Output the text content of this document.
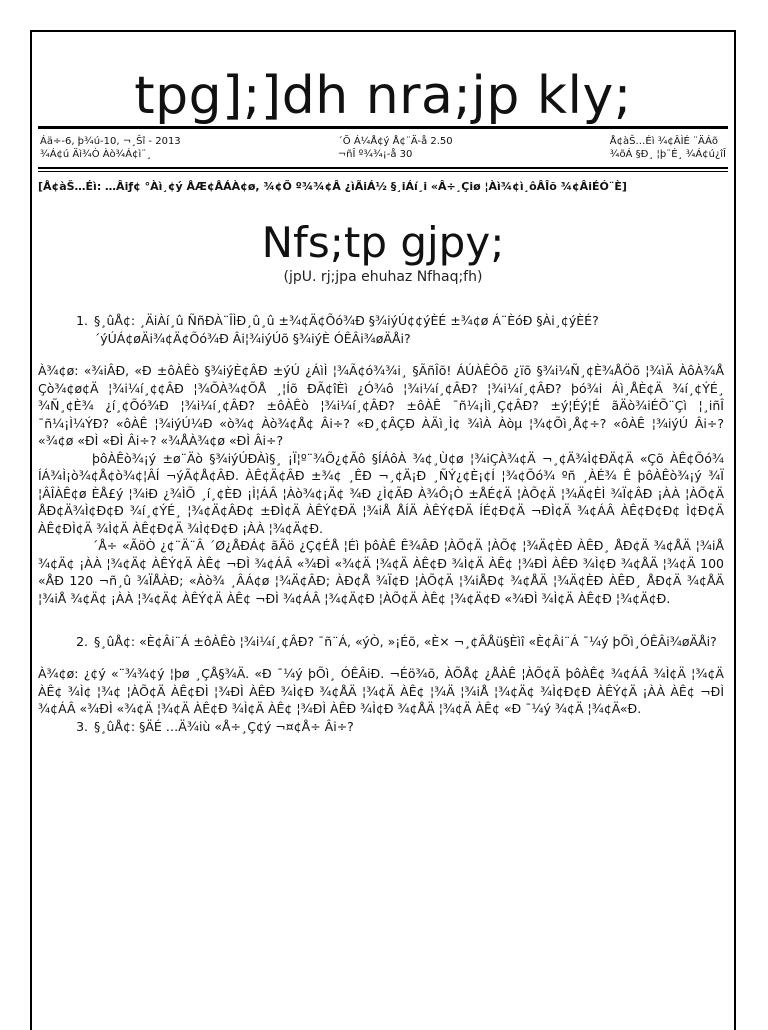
tpg];]dh nra;jp kly;
Áä÷-6, þ¾ú-10, ¬¸Šî - 2013
¾Á¢ú Äì¾Ò Àò¾Á¢ì¨¸
´Õ Á¼Å¢ý Å¢¨Ä-å 2.50
¬ñÎ º¾¾¡-å 30
Å¢àŠ…Éì ¾¢ÂÌÉ ¨ÄÁõ
¾õÁ §Ð¸ ¦þ¨É¸ ¾Á¢ú¿îÎ
[Å¢àŠ…Éì: …Âiƒ¢ °Àì¸¢ý ÅÆ¢ÅÁÀ¢ø, ¾¢Õ º¾¾¢Â ¿ìÃiÁ½ §¸iÁí¸i «Â÷¸Çiø ¦Àì¾¢ì¸ôÂÎõ ¾¢ÂiÉÓ¨È]
Nfs;tp gjpy;
(jpU. rj;jpa ehuhaz Nfhaq;fh)
1. §¸ûÅ¢: ¸ÄiÀí¸û ÑñÐÀ¨ÎÌÐ¸û¸û ±¾¢Ä¢Õó¾Ð §¾iýÚ¢¢ýÈÉ ±¾¢ø Á¨ÈóÐ §Ài¸¢ýÈÉ? ´ýÚÁ¢øÄi¾¢Ä¢Õó¾Ð Âi¦¾iýÚõ §¾iýÈ ÓÊÂi¾øÄÅi?

À¾¢ø: «¾iÂÐ, «Ð ±ôÀÊò §¾iýÈ¢ÂÐ ±ýÚ ¿ÁìÌ ¦¾Ã¢ó¾¾i¸ §ÃñÎõ! ÁÚÀÊÔõ ¿ïõ §¾i¼Ñ¸¢È¾ÅÖõ ¦¾ìÄ ÀôÀ¾Å Çò¾¢ø¢Ä ¦¾i¼í¸¢¢ÂÐ ¦¾ÕÀ¾¢ÕÅ ¸¦Íõ ÐÃ¢îÈì ¿Ó¾ô ¦¾i¼í¸¢ÂÐ? ¦¾i¼í¸¢ÂÐ? þó¾i Áì¸ÅÈ¢Ä ¾í¸¢ÝÉ¸ ¾Ñ¸¢È¾ ¿í¸¢Õó¾Ð ¦¾i¼í¸¢ÂÐ? ±ôÀÊò ¦¾i¼í¸¢ÂÐ? ±ôÀÊ ¯ñ¼¡Ìì¸Ç¢ÂÐ? ±ý¦Éý¦É ãÄò¾iÉÕ¨Çì ¦¸iñÎ ¯ñ¼¡Ì¼ÝÐ? «ôÀÊ ¦¾iýÚ¼Ð «ò¾¢ Àò¾¢Å¢ Âi÷? «Ð¸¢ÂÇÐ ÀÄì¸Ì¢ ¾ìÀ Àòµ ¦¾¢Õì¸Å¢÷? «ôÀÊ ¦¾iýÚ Âi÷? «¾¢ø «ÐÌ «ÐÌ Âi÷? «¾ÅÀ¾¢ø «ÐÌ Âi÷?

þôÀÊò¾¡ý ±ø¨Äò §¾iýÚÐÀì§¸ ¡Ï¦º¨¾Õ¿¢Ãô §ÍÁôÀ ¾¢¸Ù¢ø ¦¾iÇÀ¾¢Ä ¬¸¢Ä¾Ì¢ÐÄ¢Ä «Çõ ÀÊ¢Õó¾ ÍÁ¾Ì¡ò¾¢Å¢ò¾¢¦ÂÍ ¬ýÃ¢Å¢ÂÐ. ÀÊ¢Ä¢ÂÐ ±¾¢ ¸ÊÐ ¬¸¢Ä¡Ð ¸ÑÝ¿¢È¡¢Í ¦¾¢Õó¾ ºñ ¸ÀÉ¾ Ê þôÀÊò¾¡ý ¾Ï ¦ÂÎÀÊ¢ø ÈÅ£ý ¦¾iÐ ¿¾ÌÕ ¸í¸¢ÈÐ ¡Ì¦ÁÂ ¦Àò¾¢¡Ä¢ ¾Ð ¿Ì¢ÃÐ À¾Ô¡Ò ±ÅÉ¢Ä ¦ÀÕ¢Ä ¦¾Ä¢ÈÌ ¾Ï¢ÂÐ ¡ÀÀ ¦ÀÕ¢Ä ÅÐ¢Ä¾Ì¢Ð¢Ð ¾í¸¢ÝÉ¸ ¦¾¢Ä¢ÂÐ¢ ±ÐÌ¢Ä ÀÊÝ¢ÐÄ ¦¾iÅ ÅÍÄ ÀÊÝ¢ÐÄ ÍÉ¢Ð¢Ä ¬ÐÌ¢Ä ¾¢ÁÂ ÀÊ¢Ð¢Ð¢ Ì¢Ð¢Ä ÀÊ¢ÐÌ¢Ä ¾Ì¢Ä ÀÊ¢Ð¢Ä ¾Ì¢Ð¢Ð ¡ÀÀ ¦¾¢Ä¢Ð.

´Å÷ «ÃöÒ ¿¢¨Ä¨Â ´Ø¿ÅÐÁ¢ ãÃö ¿Ç¢ÉÅ ¦Éì þôÀÊ Ê¾ÂÐ ¦ÀÕ¢Ä ¦ÀÕ¢ ¦¾Ä¢ÈÐ ÀÊÐ¸ ÅÐ¢Ä ¾¢ÅÄ ¦¾iÅ ¾¢Ä¢ ¡ÀÀ ¦¾¢Ä¢ ÀÊÝ¢Ä ÀÊ¢ ¬ÐÌ ¾¢ÁÂ «¾ÐÌ «¾¢Ä ¦¾¢Ä ÀÊ¢Ð ¾Ì¢Ä ÀÊ¢ ¦¾ÐÌ ÀÊÐ ¾Ì¢Ð ¾¢ÅÄ ¦¾¢Ä 100 «ÅÐ 120 ¬ñ¸û ¾ÏÅÀÐ; «Àò¾ ¸ÂÁ¢ø ¦¾Ä¢ÂÐ; ÀÐ¢Å ¾Ï¢Ð ¦ÀÕ¢Ä ¦¾iÅÐ¢ ¾¢ÅÄ ¦¾Ä¢ÈÐ ÀÊÐ¸ ÅÐ¢Ä ¾¢ÅÄ ¦¾iÅ ¾¢Ä¢ ¡ÀÀ ¦¾¢Ä¢ ÀÊÝ¢Ä ÀÊ¢ ¬ÐÌ ¾¢ÁÂ ¦¾¢Ä¢Ð ¦ÀÕ¢Ä ÀÊ¢ ¦¾¢Ä¢Ð «¾ÐÌ ¾Ì¢Ä ÀÊ¢Ð ¦¾¢Ä¢Ð.

2. §¸ûÅ¢: «È¢Âi¨Á ±ôÀÊò ¦¾i¼í¸¢ÂÐ? ¯ñ¨Á, «ýÒ, »¡Éõ, «È× ¬¸¢ÂÅü§Èìî «È¢Âi¨Á ¯¼ý þÕì¸ÓÊÂi¾øÄÅi?

À¾¢ø: ¿¢ý «¨¾¾¢ý ¦þø ¸ÇÅ§¾Ä. «Ð ¯¼ý þÕì¸ ÓÊÂiÐ. ¬Éö¾õ, ÀÕÅ¢ ¿ÅÀÊ ¦ÀÕ¢Ä þôÀÊ¢ ¾¢ÁÂ ¾Ì¢Ä ¦¾¢Ä ÀÊ¢ ¾Ì¢ ¦¾¢ ¦ÀÕ¢Ä ÀÊ¢ÐÌ ¦¾ÐÌ ÀÊÐ ¾Ì¢Ð ¾¢ÅÄ ¦¾¢Ä ÀÊ¢ ¦¾Ä ¦¾iÅ ¦¾¢Ä¢ ¾Ì¢Ð¢Ð ÀÊÝ¢Ä ¡ÀÀ ÀÊ¢ ¬ÐÌ ¾¢ÁÂ «¾ÐÌ «¾¢Ä ¦¾¢Ä ÀÊ¢Ð ¾Ì¢Ä ÀÊ¢ ¦¾ÐÌ ÀÊÐ ¾Ì¢Ð ¾¢ÅÄ ¦¾¢Ä ÀÊ¢ «Ð ¯¼ý ¾¢Ä ¦¾¢Ä«Ð.

3. §¸ûÅ¢: §ÄÉ …Ä¾iù «Å÷¸Ç¢ý ¬¤¢Å÷ Âi÷?
